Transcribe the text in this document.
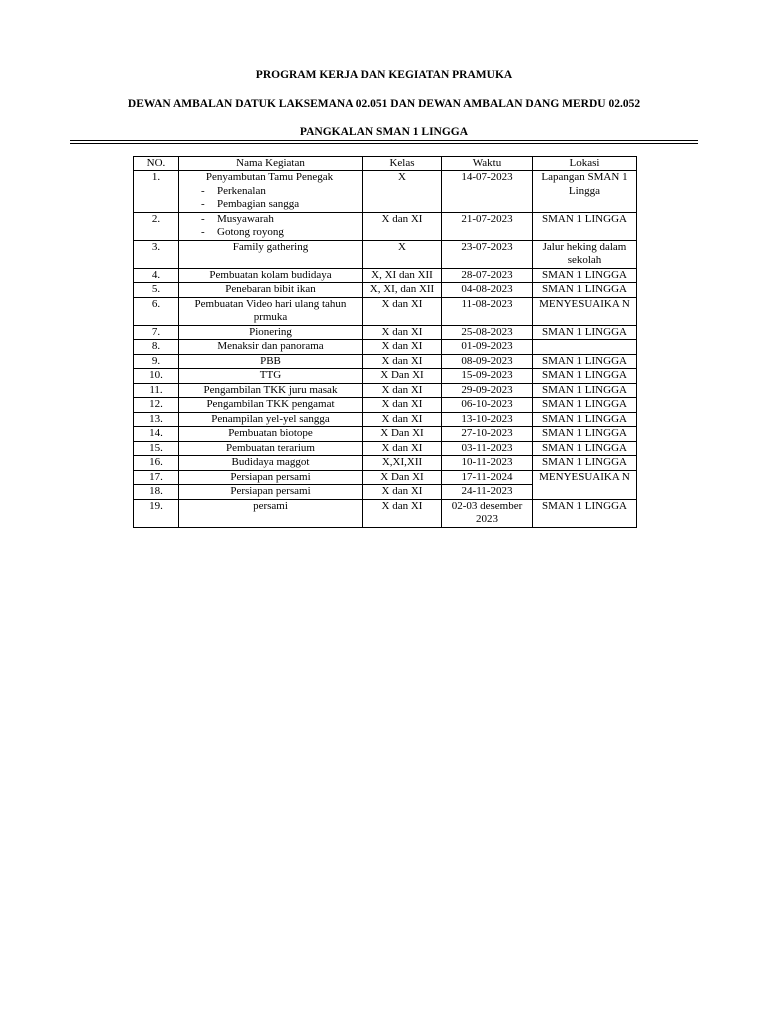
PROGRAM KERJA DAN KEGIATAN PRAMUKA
DEWAN AMBALAN DATUK LAKSEMANA 02.051 DAN DEWAN AMBALAN DANG MERDU 02.052
PANGKALAN SMAN 1 LINGGA
NO.	Nama Kegiatan	Kelas	Waktu	Lokasi
1.	Penyambutan Tamu Penegak
- Perkenalan
- Pembagian sangga	X	14-07-2023	Lapangan SMAN 1 Lingga
2.	- Musyawarah
- Gotong royong	X dan XI	21-07-2023	SMAN 1 LINGGA
3.	Family gathering	X	23-07-2023	Jalur heking dalam sekolah
4.	Pembuatan kolam budidaya	X, XI dan XII	28-07-2023	SMAN 1 LINGGA
5.	Penebaran bibit ikan	X, XI, dan XII	04-08-2023	SMAN 1 LINGGA
6.	Pembuatan Video hari ulang tahun prmuka	X dan XI	11-08-2023	MENYESUAIKA N
7.	Pionering	X dan XI	25-08-2023	SMAN 1 LINGGA
8.	Menaksir dan panorama	X dan XI	01-09-2023	
9.	PBB	X dan XI	08-09-2023	SMAN 1 LINGGA
10.	TTG	X Dan XI	15-09-2023	SMAN 1 LINGGA
11.	Pengambilan TKK juru masak	X dan XI	29-09-2023	SMAN 1 LINGGA
12.	Pengambilan TKK pengamat	X dan XI	06-10-2023	SMAN 1 LINGGA
13.	Penampilan yel-yel sangga	X dan XI	13-10-2023	SMAN 1 LINGGA
14.	Pembuatan biotope	X Dan XI	27-10-2023	SMAN 1 LINGGA
15.	Pembuatan terarium	X dan XI	03-11-2023	SMAN 1 LINGGA
16.	Budidaya maggot	X,XI,XII	10-11-2023	SMAN 1 LINGGA
17.	Persiapan persami	X Dan XI	17-11-2024	MENYESUAIKA N
18.	Persiapan persami	X dan XI	24-11-2023	
19.	persami	X dan XI	02-03 desember 2023	SMAN 1 LINGGA
